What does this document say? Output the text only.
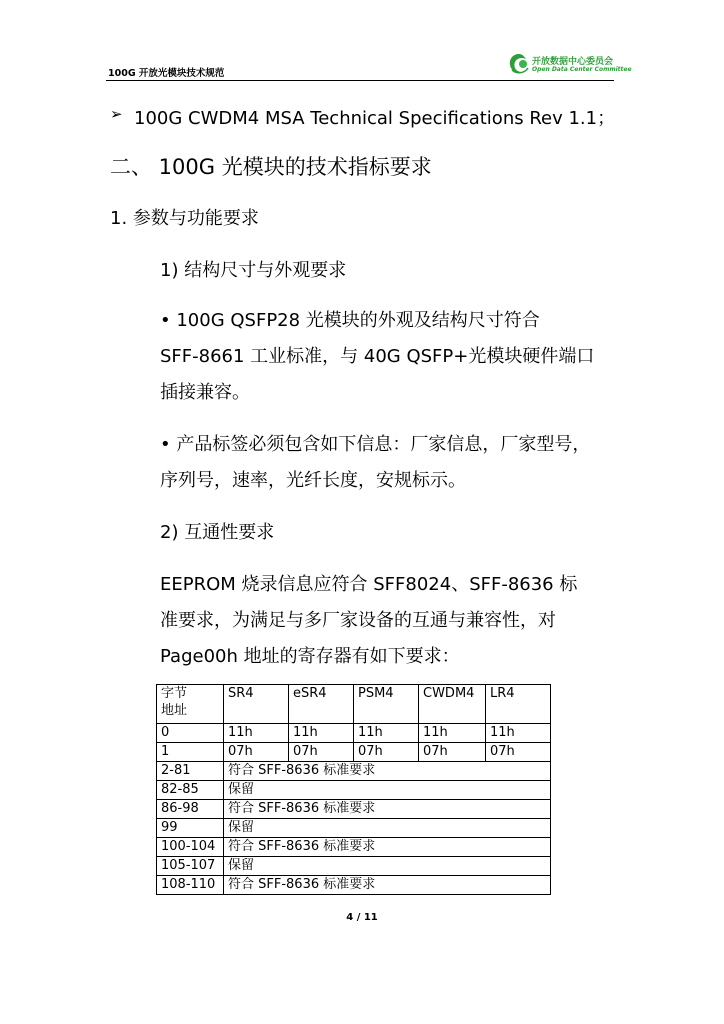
100G 开放光模块技术规范
开放数据中心委员会
Open Data Center Committee
➢ 100G CWDM4 MSA Technical Specifications Rev 1.1；
二、 100G 光模块的技术指标要求
1. 参数与功能要求
1) 结构尺寸与外观要求
• 100G QSFP28 光模块的外观及结构尺寸符合
SFF-8661 工业标准，与 40G QSFP+光模块硬件端口
插接兼容。
• 产品标签必须包含如下信息：厂家信息，厂家型号，
序列号，速率，光纤长度，安规标示。
2) 互通性要求
EEPROM 烧录信息应符合 SFF8024、SFF-8636 标
准要求，为满足与多厂家设备的互通与兼容性，对
Page00h 地址的寄存器有如下要求：
字节
地址	SR4	eSR4	PSM4	CWDM4	LR4
0	11h	11h	11h	11h	11h
1	07h	07h	07h	07h	07h
2-81	符合 SFF-8636 标准要求				
82-85	保留				
86-98	符合 SFF-8636 标准要求				
99	保留				
100-104	符合 SFF-8636 标准要求				
105-107	保留				
108-110	符合 SFF-8636 标准要求				
4 / 11
